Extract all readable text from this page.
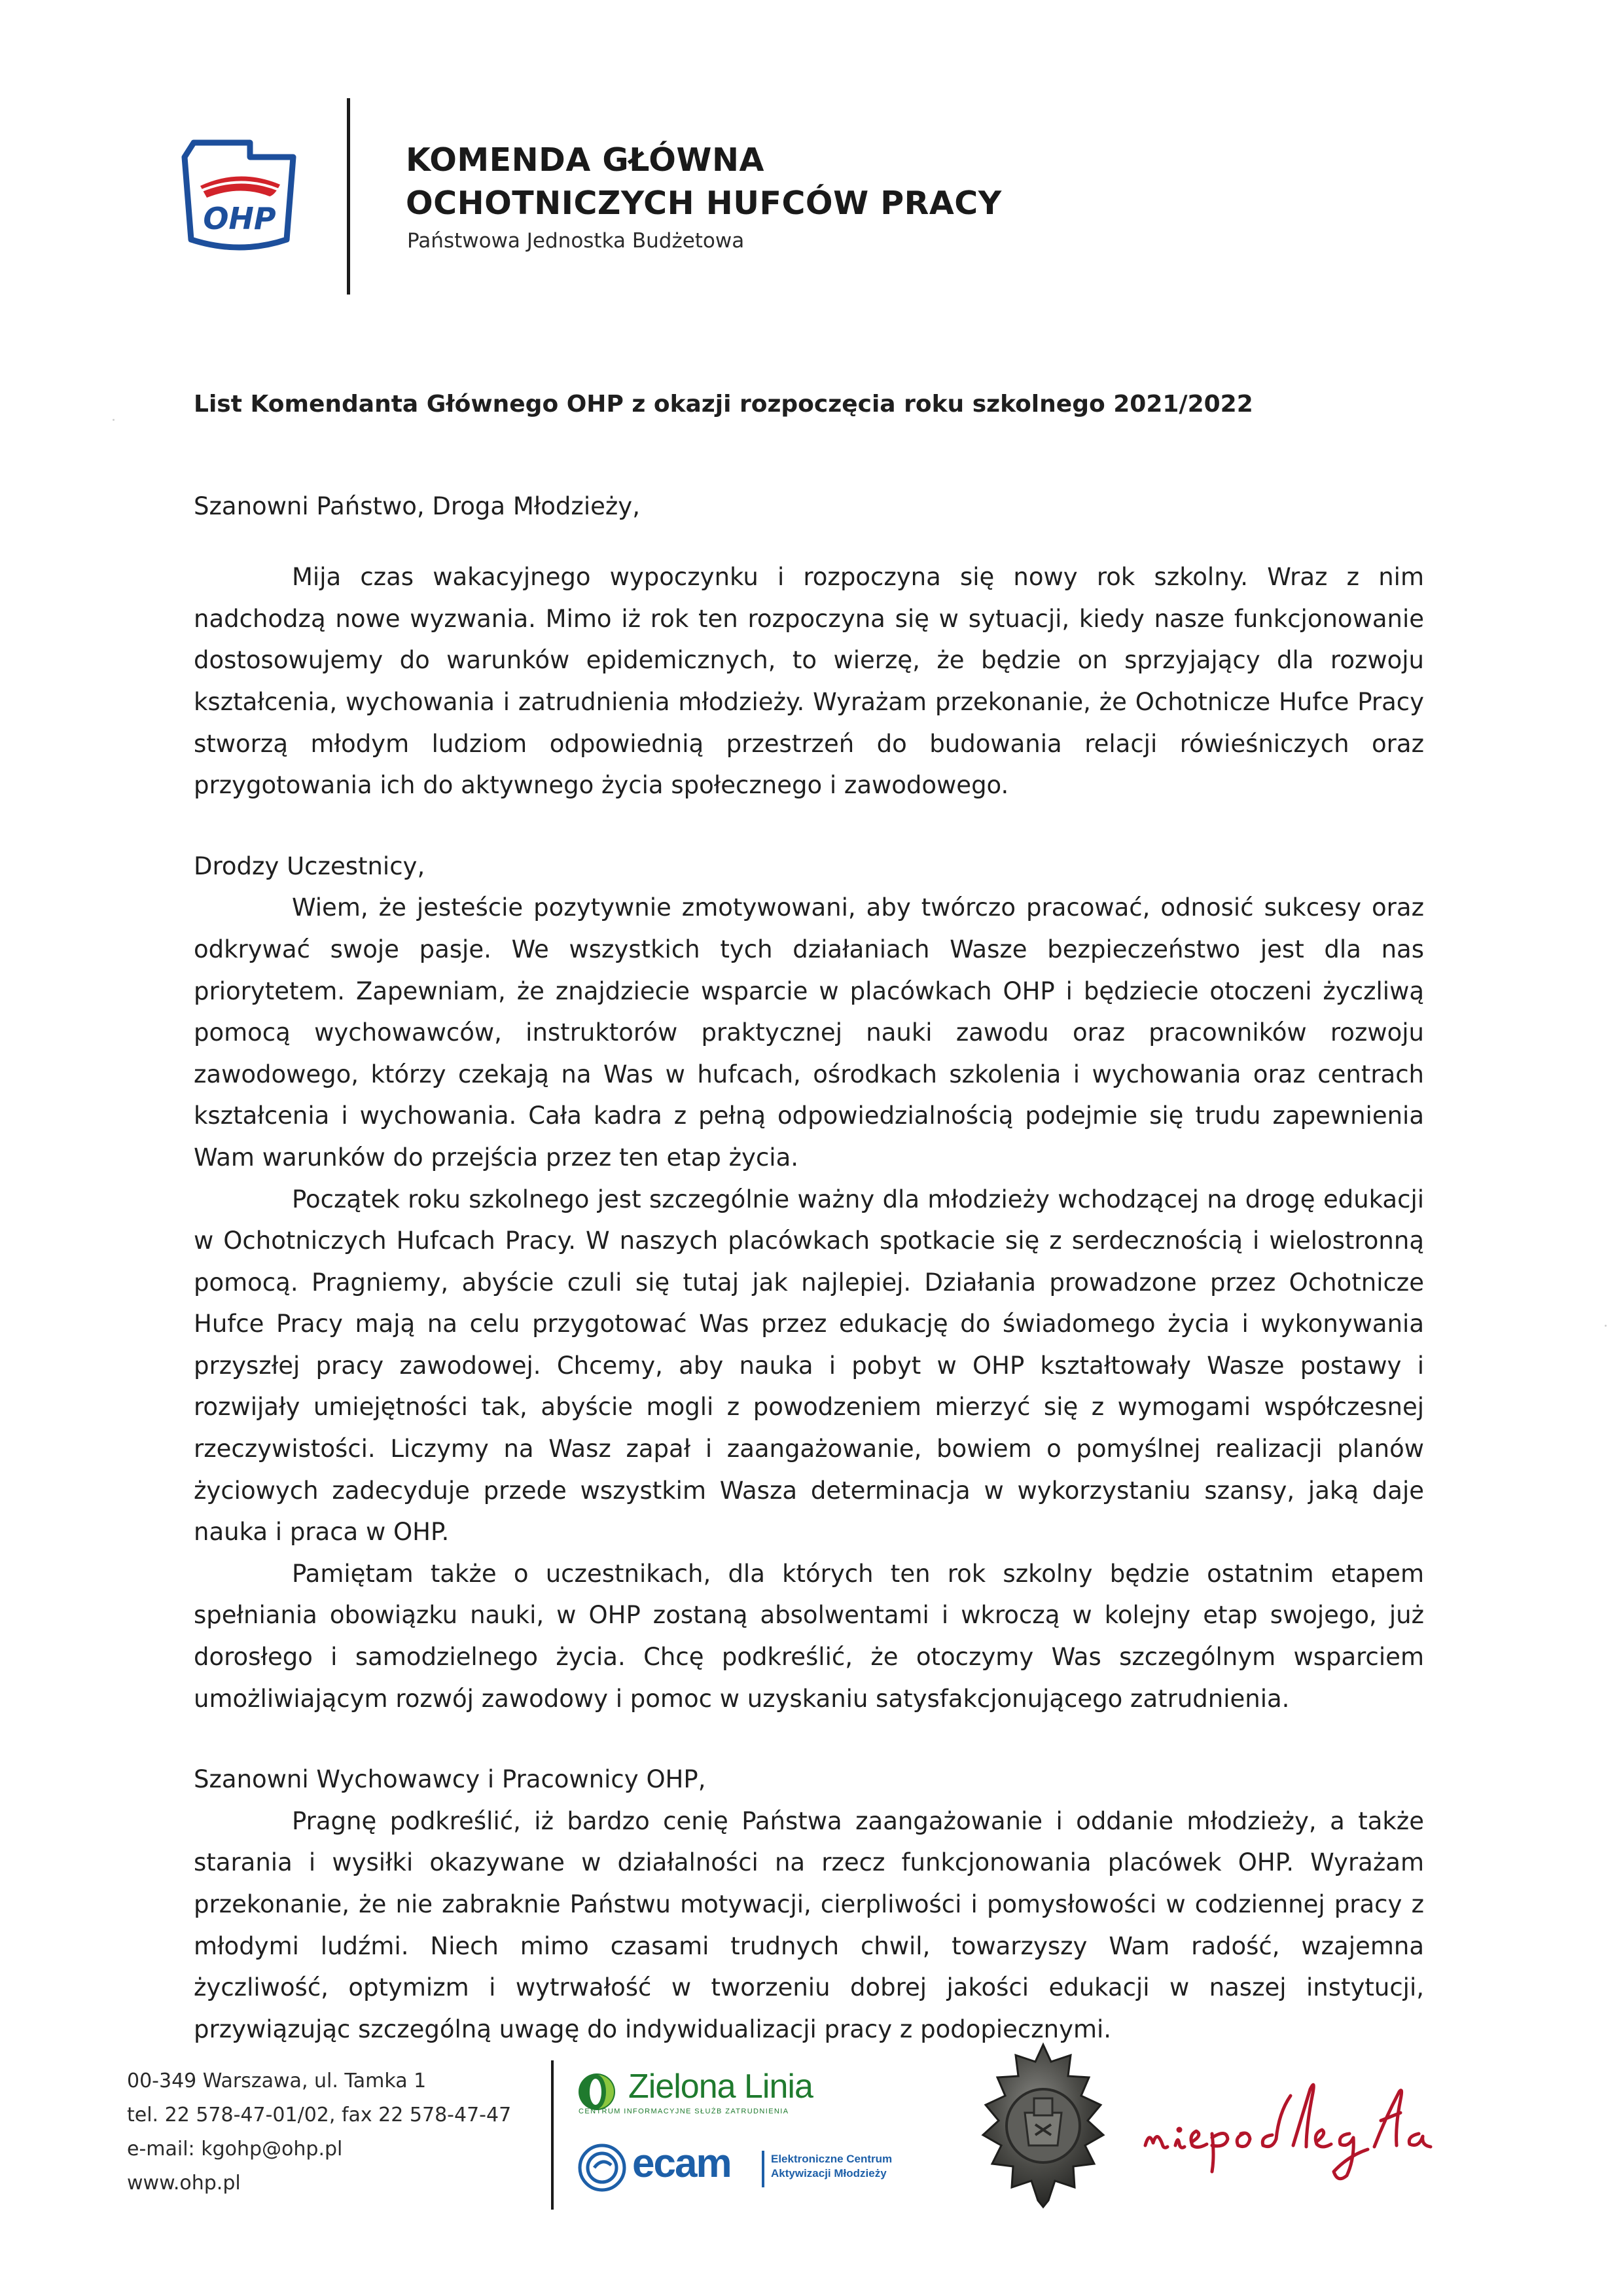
OHP
KOMENDA GŁÓWNA
OCHOTNICZYCH HUFCÓW PRACY
Państwowa Jednostka Budżetowa

List Komendanta Głównego OHP z okazji rozpoczęcia roku szkolnego 2021/2022

Szanowni Państwo, Droga Młodzieży,

Mija czas wakacyjnego wypoczynku i rozpoczyna się nowy rok szkolny. Wraz z nim nadchodzą nowe wyzwania. Mimo iż rok ten rozpoczyna się w sytuacji, kiedy nasze funkcjonowanie dostosowujemy do warunków epidemicznych, to wierzę, że będzie on sprzyjający dla rozwoju kształcenia, wychowania i zatrudnienia młodzieży. Wyrażam przekonanie, że Ochotnicze Hufce Pracy stworzą młodym ludziom odpowiednią przestrzeń do budowania relacji rówieśniczych oraz przygotowania ich do aktywnego życia społecznego i zawodowego.

Drodzy Uczestnicy,

Wiem, że jesteście pozytywnie zmotywowani, aby twórczo pracować, odnosić sukcesy oraz odkrywać swoje pasje. We wszystkich tych działaniach Wasze bezpieczeństwo jest dla nas priorytetem. Zapewniam, że znajdziecie wsparcie w placówkach OHP i będziecie otoczeni życzliwą pomocą wychowawców, instruktorów praktycznej nauki zawodu oraz pracowników rozwoju zawodowego, którzy czekają na Was w hufcach, ośrodkach szkolenia i wychowania oraz centrach kształcenia i wychowania. Cała kadra z pełną odpowiedzialnością podejmie się trudu zapewnienia Wam warunków do przejścia przez ten etap życia.

Początek roku szkolnego jest szczególnie ważny dla młodzieży wchodzącej na drogę edukacji w Ochotniczych Hufcach Pracy. W naszych placówkach spotkacie się z serdecznością i wielostronną pomocą. Pragniemy, abyście czuli się tutaj jak najlepiej. Działania prowadzone przez Ochotnicze Hufce Pracy mają na celu przygotować Was przez edukację do świadomego życia i wykonywania przyszłej pracy zawodowej. Chcemy, aby nauka i pobyt w OHP kształtowały Wasze postawy i rozwijały umiejętności tak, abyście mogli z powodzeniem mierzyć się z wymogami współczesnej rzeczywistości. Liczymy na Wasz zapał i zaangażowanie, bowiem o pomyślnej realizacji planów życiowych zadecyduje przede wszystkim Wasza determinacja w wykorzystaniu szansy, jaką daje nauka i praca w OHP.

Pamiętam także o uczestnikach, dla których ten rok szkolny będzie ostatnim etapem spełniania obowiązku nauki, w OHP zostaną absolwentami i wkroczą w kolejny etap swojego, już dorosłego i samodzielnego życia. Chcę podkreślić, że otoczymy Was szczególnym wsparciem umożliwiającym rozwój zawodowy i pomoc w uzyskaniu satysfakcjonującego zatrudnienia.

Szanowni Wychowawcy i Pracownicy OHP,

Pragnę podkreślić, iż bardzo cenię Państwa zaangażowanie i oddanie młodzieży, a także starania i wysiłki okazywane w działalności na rzecz funkcjonowania placówek OHP. Wyrażam przekonanie, że nie zabraknie Państwu motywacji, cierpliwości i pomysłowości w codziennej pracy z młodymi ludźmi. Niech mimo czasami trudnych chwil, towarzyszy Wam radość, wzajemna życzliwość, optymizm i wytrwałość w tworzeniu dobrej jakości edukacji w naszej instytucji, przywiązując szczególną uwagę do indywidualizacji pracy z podopiecznymi.

00-349 Warszawa, ul. Tamka 1
tel. 22 578-47-01/02, fax 22 578-47-47
e-mail: kgohp@ohp.pl
www.ohp.pl
Zielona Linia
CENTRUM INFORMACYJNE SŁUŻB ZATRUDNIENIA
ecam	Elektroniczne Centrum
Aktywizacji Młodzieży
